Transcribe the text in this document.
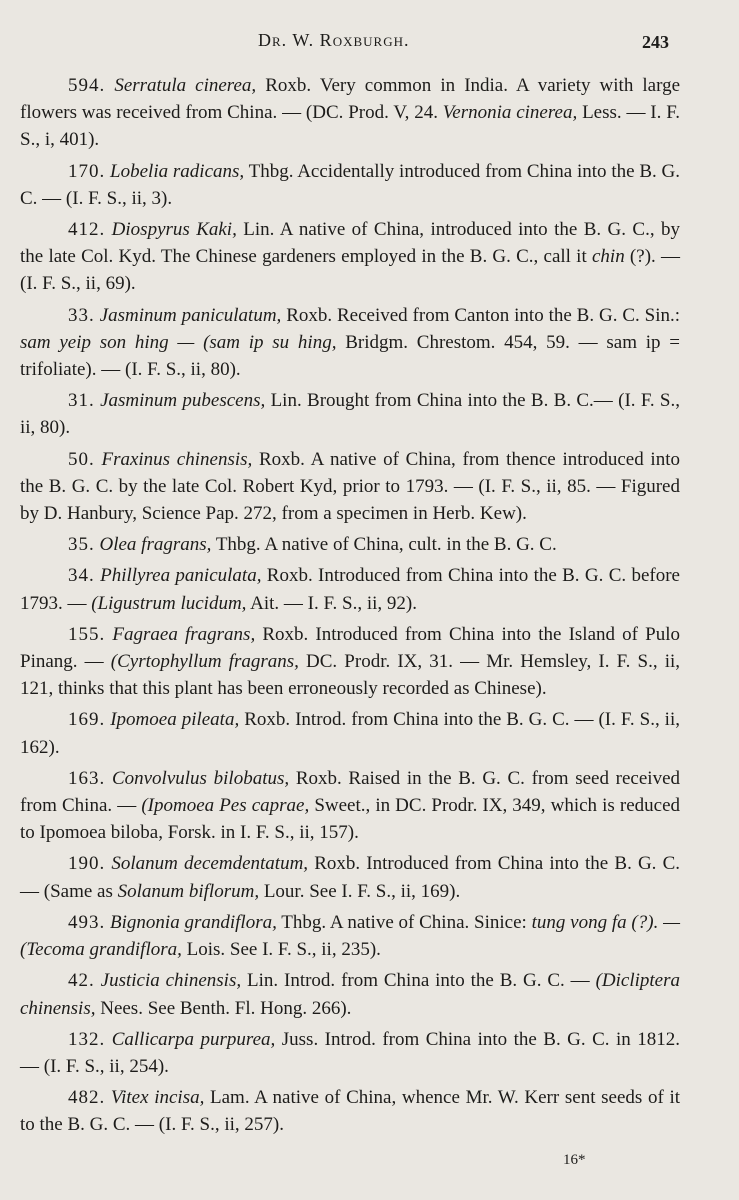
Dr. W. Roxburgh.	243

594. Serratula cinerea, Roxb. Very common in India. A variety with large flowers was received from China. — (DC. Prod. V, 24. Vernonia cinerea, Less. — I. F. S., i, 401).

170. Lobelia radicans, Thbg. Accidentally introduced from China into the B. G. C. — (I. F. S., ii, 3).

412. Diospyrus Kaki, Lin. A native of China, introduced into the B. G. C., by the late Col. Kyd. The Chinese gardeners employed in the B. G. C., call it chin (?). — (I. F. S., ii, 69).

33. Jasminum paniculatum, Roxb. Received from Canton into the B. G. C. Sin.: sam yeip son hing — (sam ip su hing, Bridgm. Chrestom. 454, 59. — sam ip = trifoliate). — (I. F. S., ii, 80).

31. Jasminum pubescens, Lin. Brought from China into the B. B. C.— (I. F. S., ii, 80).

50. Fraxinus chinensis, Roxb. A native of China, from thence introduced into the B. G. C. by the late Col. Robert Kyd, prior to 1793. — (I. F. S., ii, 85. — Figured by D. Hanbury, Science Pap. 272, from a specimen in Herb. Kew).

35. Olea fragrans, Thbg. A native of China, cult. in the B. G. C.

34. Phillyrea paniculata, Roxb. Introduced from China into the B. G. C. before 1793. — (Ligustrum lucidum, Ait. — I. F. S., ii, 92).

155. Fagraea fragrans, Roxb. Introduced from China into the Island of Pulo Pinang. — (Cyrtophyllum fragrans, DC. Prodr. IX, 31. — Mr. Hemsley, I. F. S., ii, 121, thinks that this plant has been erroneously recorded as Chinese).

169. Ipomoea pileata, Roxb. Introd. from China into the B. G. C. — (I. F. S., ii, 162).

163. Convolvulus bilobatus, Roxb. Raised in the B. G. C. from seed received from China. — (Ipomoea Pes caprae, Sweet., in DC. Prodr. IX, 349, which is reduced to Ipomoea biloba, Forsk. in I. F. S., ii, 157).

190. Solanum decemdentatum, Roxb. Introduced from China into the B. G. C. — (Same as Solanum biflorum, Lour. See I. F. S., ii, 169).

493. Bignonia grandiflora, Thbg. A native of China. Sinice: tung vong fa (?). — (Tecoma grandiflora, Lois. See I. F. S., ii, 235).

42. Justicia chinensis, Lin. Introd. from China into the B. G. C. — (Dicliptera chinensis, Nees. See Benth. Fl. Hong. 266).

132. Callicarpa purpurea, Juss. Introd. from China into the B. G. C. in 1812. — (I. F. S., ii, 254).

482. Vitex incisa, Lam. A native of China, whence Mr. W. Kerr sent seeds of it to the B. G. C. — (I. F. S., ii, 257).

16*
